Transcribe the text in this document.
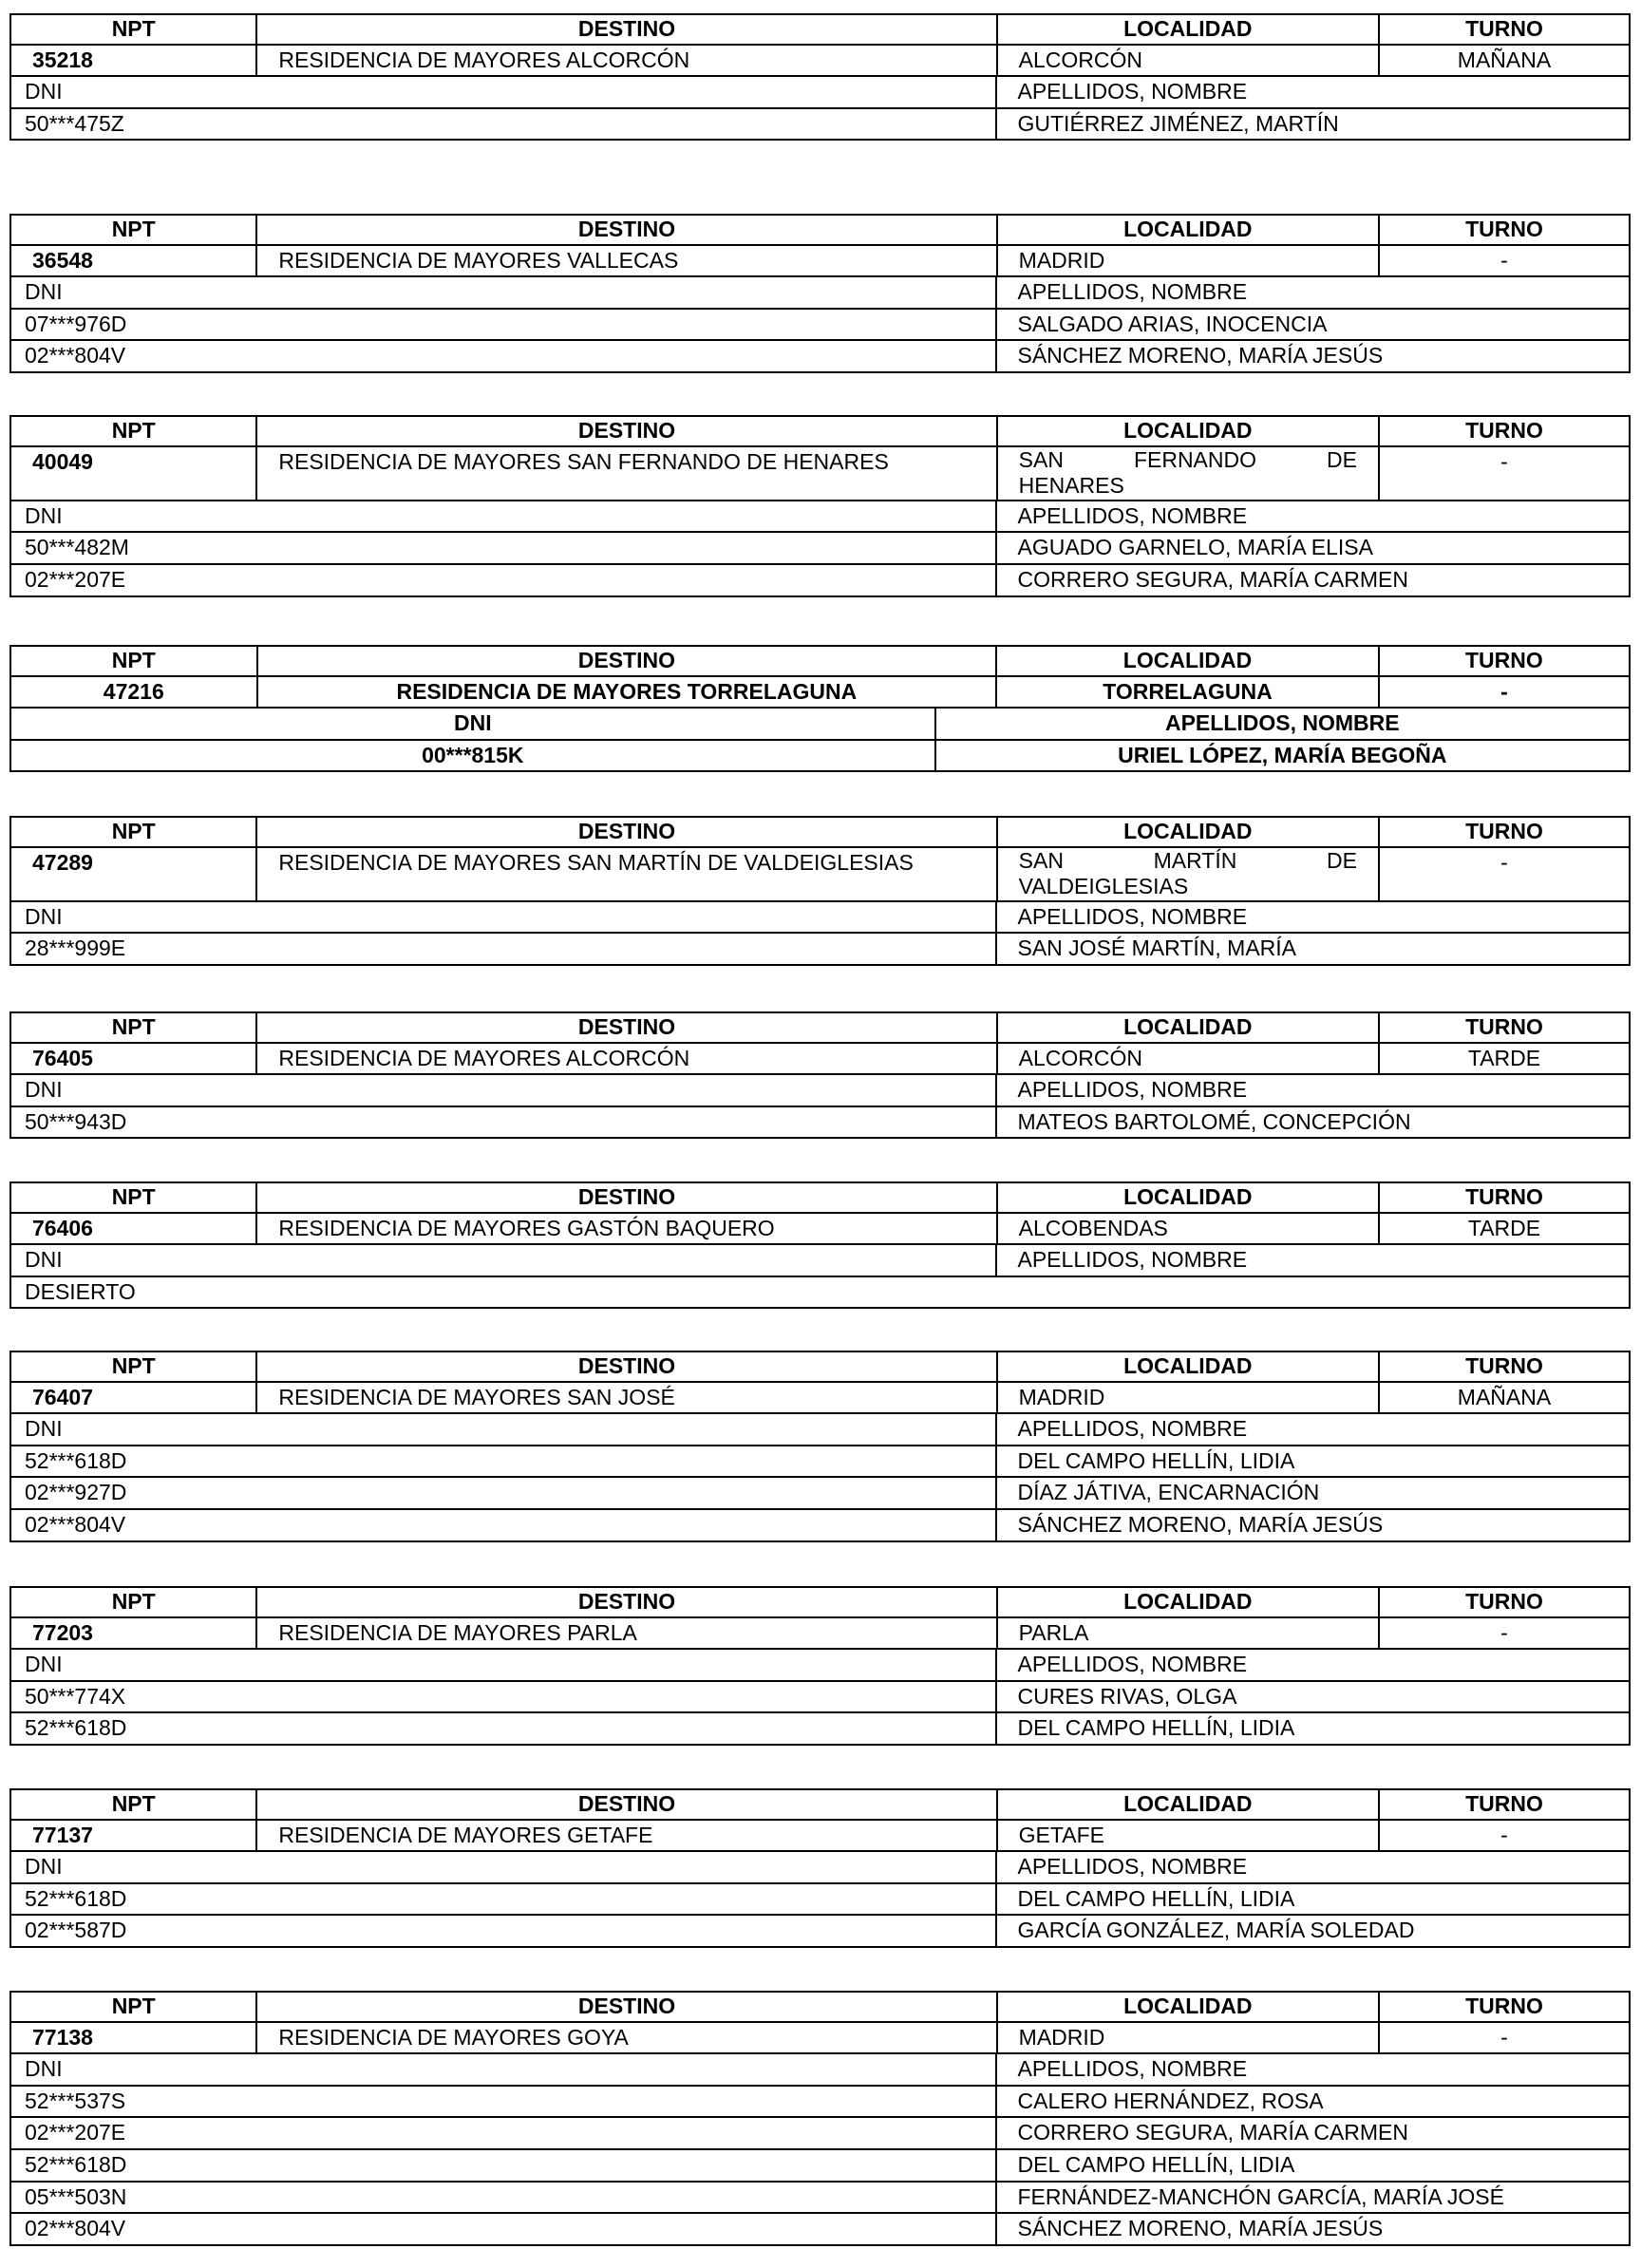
NPT	DESTINO	LOCALIDAD	TURNO
35218	RESIDENCIA DE MAYORES ALCORCÓN	ALCORCÓN	MAÑANA
DNI		APELLIDOS, NOMBRE	
50***475Z		GUTIÉRREZ JIMÉNEZ, MARTÍN	
NPT	DESTINO	LOCALIDAD	TURNO
36548	RESIDENCIA DE MAYORES VALLECAS	MADRID	-
DNI		APELLIDOS, NOMBRE	
07***976D		SALGADO ARIAS, INOCENCIA	
02***804V		SÁNCHEZ MORENO, MARÍA JESÚS	
NPT	DESTINO	LOCALIDAD	TURNO
40049	RESIDENCIA DE MAYORES SAN FERNANDO DE HENARES	SAN FERNANDO DE
HENARES	-
DNI		APELLIDOS, NOMBRE	
50***482M		AGUADO GARNELO, MARÍA ELISA	
02***207E		CORRERO SEGURA, MARÍA CARMEN	
NPT	DESTINO		LOCALIDAD	TURNO
47216	RESIDENCIA DE MAYORES TORRELAGUNA		TORRELAGUNA	-
DNI		APELLIDOS, NOMBRE		
00***815K		URIEL LÓPEZ, MARÍA BEGOÑA		
NPT	DESTINO	LOCALIDAD	TURNO
47289	RESIDENCIA DE MAYORES SAN MARTÍN DE VALDEIGLESIAS	SAN MARTÍN DE
VALDEIGLESIAS	-
DNI		APELLIDOS, NOMBRE	
28***999E		SAN JOSÉ MARTÍN, MARÍA	
NPT	DESTINO	LOCALIDAD	TURNO
76405	RESIDENCIA DE MAYORES ALCORCÓN	ALCORCÓN	TARDE
DNI		APELLIDOS, NOMBRE	
50***943D		MATEOS BARTOLOMÉ, CONCEPCIÓN	
NPT	DESTINO	LOCALIDAD	TURNO
76406	RESIDENCIA DE MAYORES GASTÓN BAQUERO	ALCOBENDAS	TARDE
DNI		APELLIDOS, NOMBRE	
DESIERTO			
NPT	DESTINO	LOCALIDAD	TURNO
76407	RESIDENCIA DE MAYORES SAN JOSÉ	MADRID	MAÑANA
DNI		APELLIDOS, NOMBRE	
52***618D		DEL CAMPO HELLÍN, LIDIA	
02***927D		DÍAZ JÁTIVA, ENCARNACIÓN	
02***804V		SÁNCHEZ MORENO, MARÍA JESÚS	
NPT	DESTINO	LOCALIDAD	TURNO
77203	RESIDENCIA DE MAYORES PARLA	PARLA	-
DNI		APELLIDOS, NOMBRE	
50***774X		CURES RIVAS, OLGA	
52***618D		DEL CAMPO HELLÍN, LIDIA	
NPT	DESTINO	LOCALIDAD	TURNO
77137	RESIDENCIA DE MAYORES GETAFE	GETAFE	-
DNI		APELLIDOS, NOMBRE	
52***618D		DEL CAMPO HELLÍN, LIDIA	
02***587D		GARCÍA GONZÁLEZ, MARÍA SOLEDAD	
NPT	DESTINO	LOCALIDAD	TURNO
77138	RESIDENCIA DE MAYORES GOYA	MADRID	-
DNI		APELLIDOS, NOMBRE	
52***537S		CALERO HERNÁNDEZ, ROSA	
02***207E		CORRERO SEGURA, MARÍA CARMEN	
52***618D		DEL CAMPO HELLÍN, LIDIA	
05***503N		FERNÁNDEZ-MANCHÓN GARCÍA, MARÍA JOSÉ	
02***804V		SÁNCHEZ MORENO, MARÍA JESÚS	
